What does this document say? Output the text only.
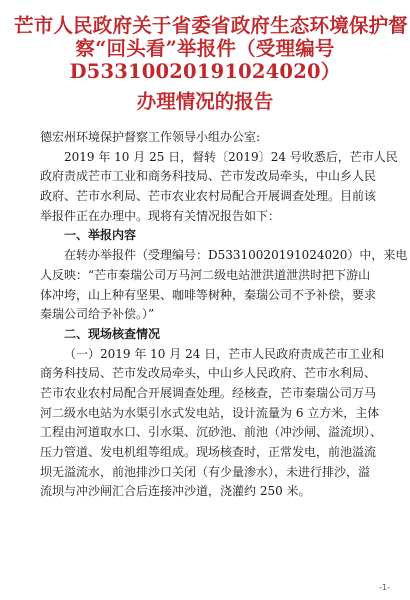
芒市人民政府关于省委省政府生态环境保护督
察“回头看”举报件（受理编号
D53310020191024020）
办理情况的报告
德宏州环境保护督察工作领导小组办公室:
2019 年 10 月 25 日，督转〔2019〕24 号收悉后，芒市人民
政府责成芒市工业和商务科技局、芒市发改局牵头，中山乡人民
政府、芒市水利局、芒市农业农村局配合开展调查处理。目前该
举报件正在办理中。现将有关情况报告如下：
一、举报内容
在转办举报件（受理编号：D53310020191024020）中，来电
人反映：“芒市秦瑞公司万马河二级电站泄洪道泄洪时把下游山
体冲垮，山上种有坚果、咖啡等树种，秦瑞公司不予补偿，要求
秦瑞公司给予补偿。）”
二、现场核查情况
（一）2019 年 10 月 24 日，芒市人民政府责成芒市工业和
商务科技局、芒市发改局牵头，中山乡人民政府、芒市水利局、
芒市农业农村局配合开展调查处理。经核查，芒市秦瑞公司万马
河二级水电站为水渠引水式发电站，设计流量为 6 立方米，主体
工程由河道取水口、引水渠、沉砂池、前池（冲沙闸、溢流坝）、
压力管道、发电机组等组成。现场核查时，正常发电，前池溢流
坝无溢流水，前池排沙口关闭（有少量渗水），未进行排沙，溢
流坝与冲沙闸汇合后连接冲沙道，浇灌约 250 米。
-1-
